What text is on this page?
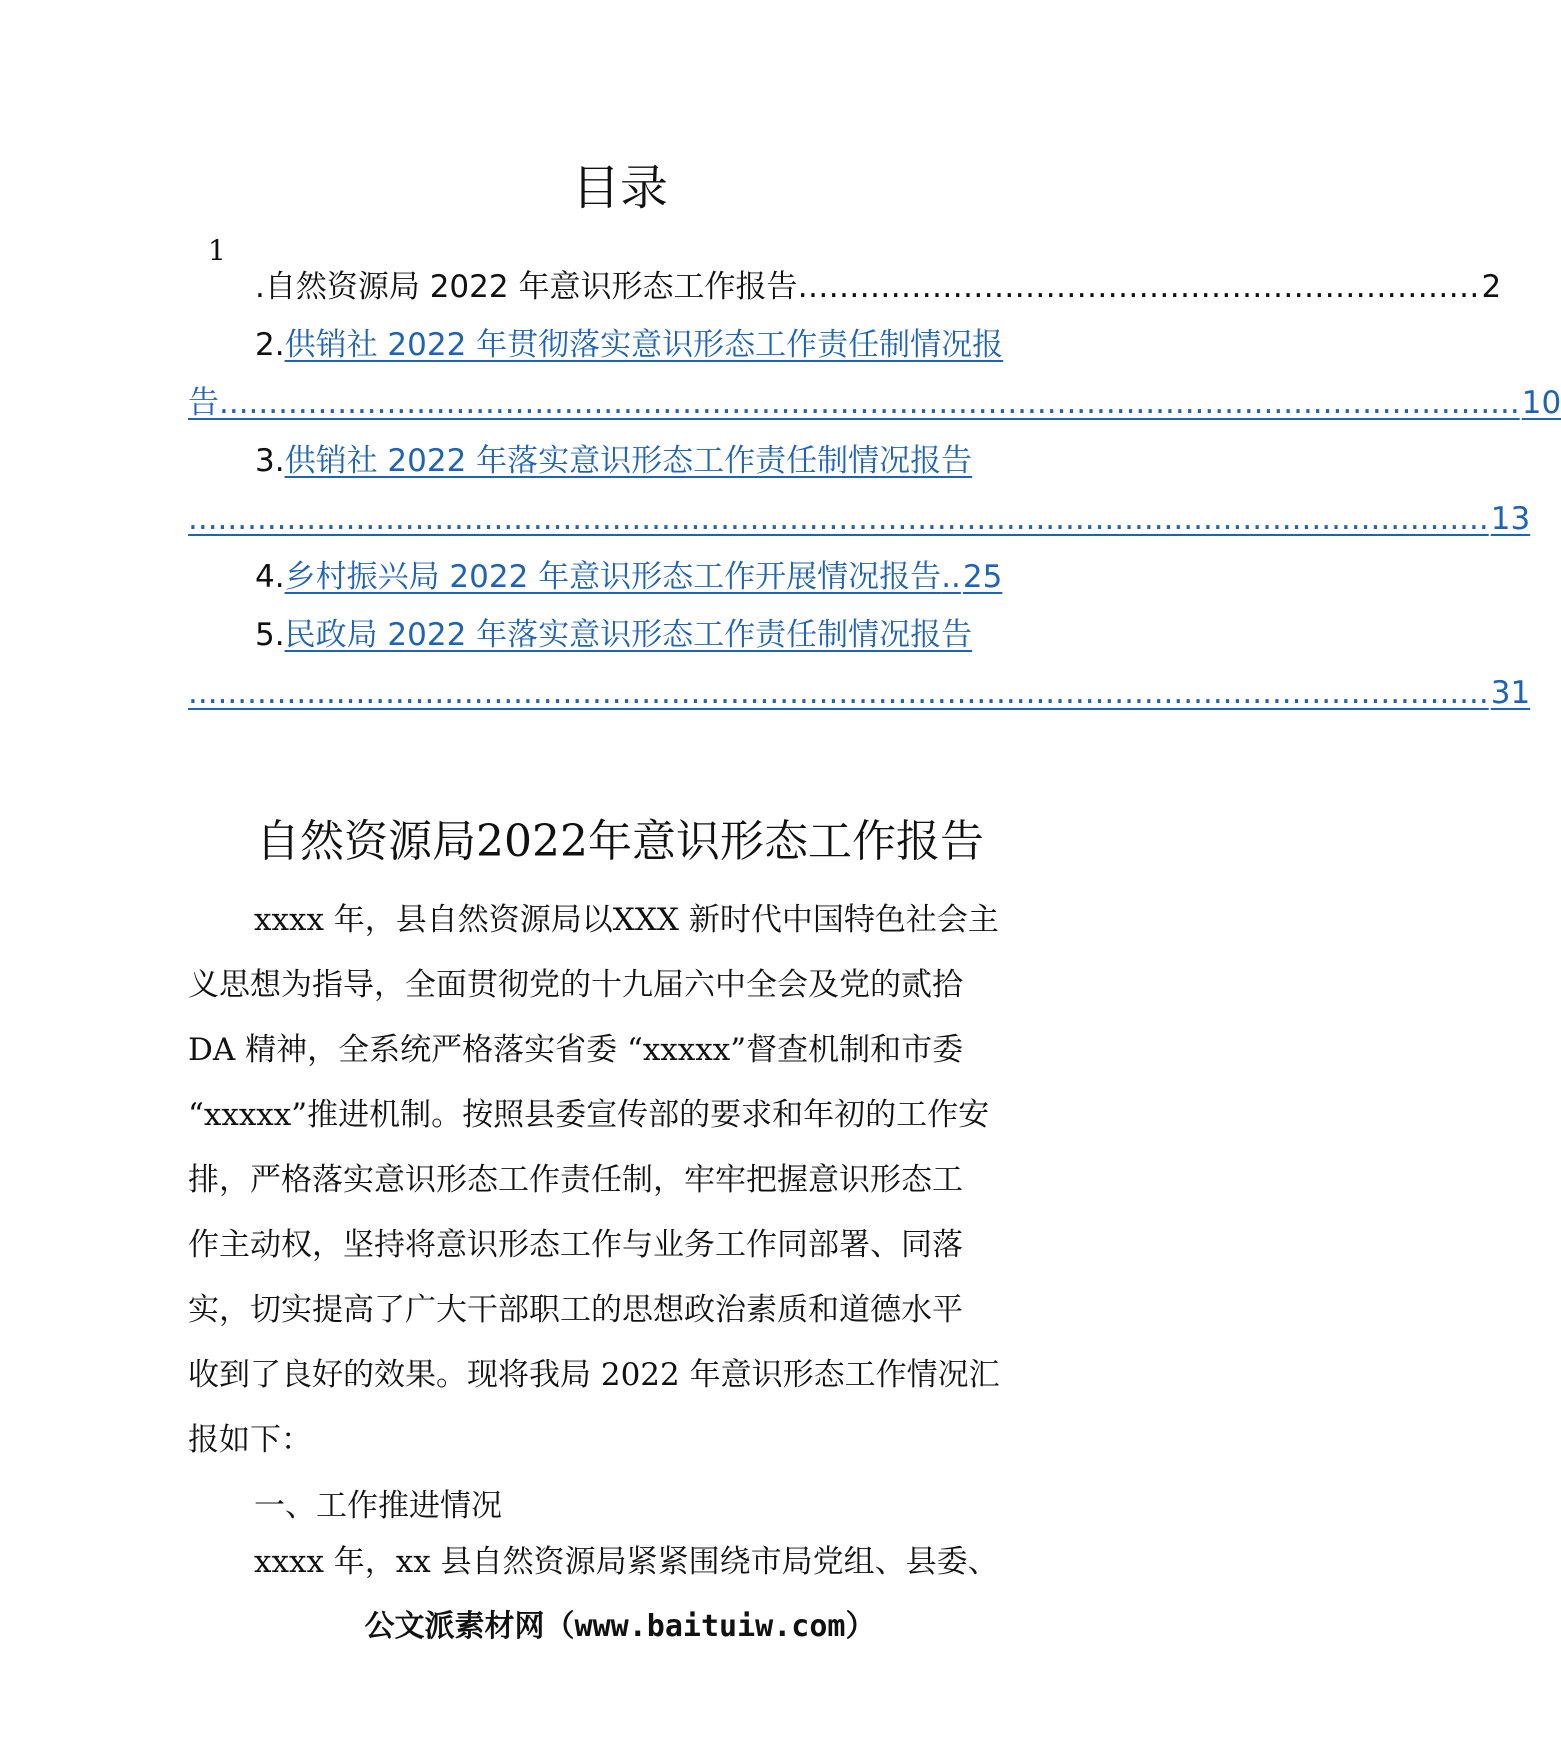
目录
1
. 自然资源局 2022 年意识形态工作报告 ………………………………………………………… 2
2.供销社 2022 年贯彻落实意识形态工作责任制情况报
告 .................................................................................................................................... 10
3.供销社 2022 年落实意识形态工作责任制情况报告
.................................................................................................................................... 13
4. 乡村振兴局 2022 年意识形态工作开展情况报告 .. 25
5.民政局 2022 年落实意识形态工作责任制情况报告
.................................................................................................................................... 31
自然资源局2022年意识形态工作报告
xxxx 年，县自然资源局以XXX 新时代中国特色社会主
义思想为指导，全面贯彻党的十九届六中全会及党的贰拾
DA 精神，全系统严格落实省委 “xxxxx”督查机制和市委
“xxxxx”推进机制。按照县委宣传部的要求和年初的工作安
排，严格落实意识形态工作责任制，牢牢把握意识形态工
作主动权，坚持将意识形态工作与业务工作同部署、同落
实，切实提高了广大干部职工的思想政治素质和道德水平
收到了良好的效果。现将我局 2022 年意识形态工作情况汇
报如下：
一、工作推进情况
xxxx 年，xx 县自然资源局紧紧围绕市局党组、县委、
公文派素材网（www.baituiw.com）
